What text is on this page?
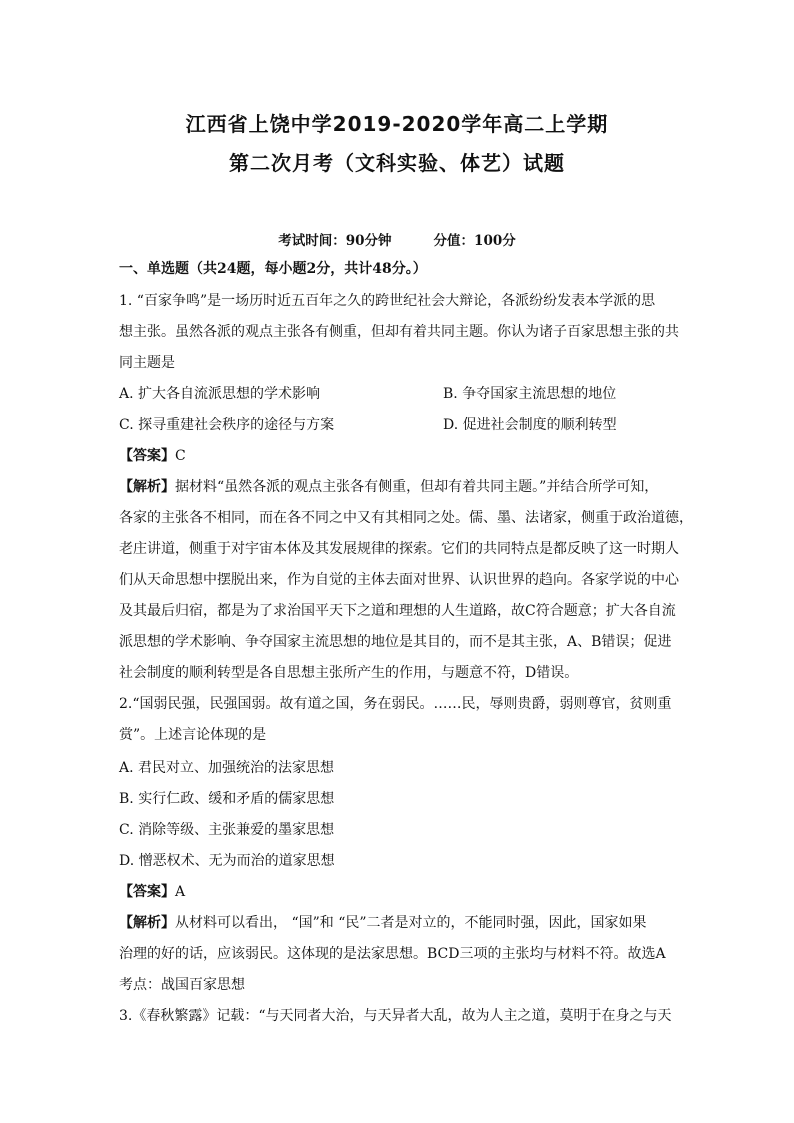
江西省上饶中学2019-2020学年高二上学期
第二次月考（文科实验、体艺）试题
考试时间：90分钟	分值：100分
一、单选题（共24题，每小题2分，共计48分。）
1. “百家争鸣”是一场历时近五百年之久的跨世纪社会大辩论，各派纷纷发表本学派的思
想主张。虽然各派的观点主张各有侧重，但却有着共同主题。你认为诸子百家思想主张的共
同主题是
A. 扩大各自流派思想的学术影响	B. 争夺国家主流思想的地位
C. 探寻重建社会秩序的途径与方案	D. 促进社会制度的顺利转型
【答案】C
【解析】据材料“虽然各派的观点主张各有侧重，但却有着共同主题。”并结合所学可知，
各家的主张各不相同，而在各不同之中又有其相同之处。儒、墨、法诸家，侧重于政治道德，
老庄讲道，侧重于对宇宙本体及其发展规律的探索。它们的共同特点是都反映了这一时期人
们从天命思想中摆脱出来，作为自觉的主体去面对世界、认识世界的趋向。各家学说的中心
及其最后归宿，都是为了求治国平天下之道和理想的人生道路，故C符合题意；扩大各自流
派思想的学术影响、争夺国家主流思想的地位是其目的，而不是其主张，A、B错误；促进
社会制度的顺利转型是各自思想主张所产生的作用，与题意不符，D错误。
2.“国弱民强，民强国弱。故有道之国，务在弱民。……民，辱则贵爵，弱则尊官，贫则重
赏”。上述言论体现的是
A. 君民对立、加强统治的法家思想
B. 实行仁政、缓和矛盾的儒家思想
C. 消除等级、主张兼爱的墨家思想
D. 憎恶权术、无为而治的道家思想
【答案】A
【解析】从材料可以看出， “国”和 “民”二者是对立的，不能同时强，因此，国家如果
治理的好的话，应该弱民。这体现的是法家思想。BCD三项的主张均与材料不符。故选A
考点：战国百家思想
3.《春秋繁露》记载：“与天同者大治，与天异者大乱，故为人主之道，莫明于在身之与天
